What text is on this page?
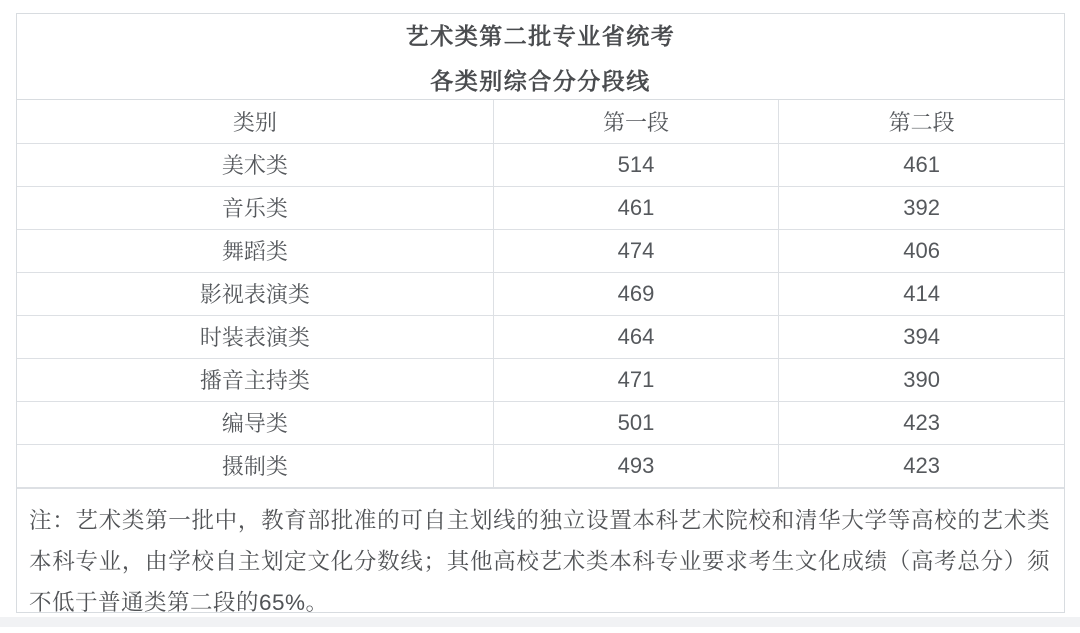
艺术类第二批专业省统考
各类别综合分分段线
类别	第一段	第二段
美术类	514	461
音乐类	461	392
舞蹈类	474	406
影视表演类	469	414
时装表演类	464	394
播音主持类	471	390
编导类	501	423
摄制类	493	423
注：艺术类第一批中，教育部批准的可自主划线的独立设置本科艺术院校和清华大学等高校的艺术类本科专业，由学校自主划定文化分数线；其他高校艺术类本科专业要求考生文化成绩（高考总分）须不低于普通类第二段的65%。
